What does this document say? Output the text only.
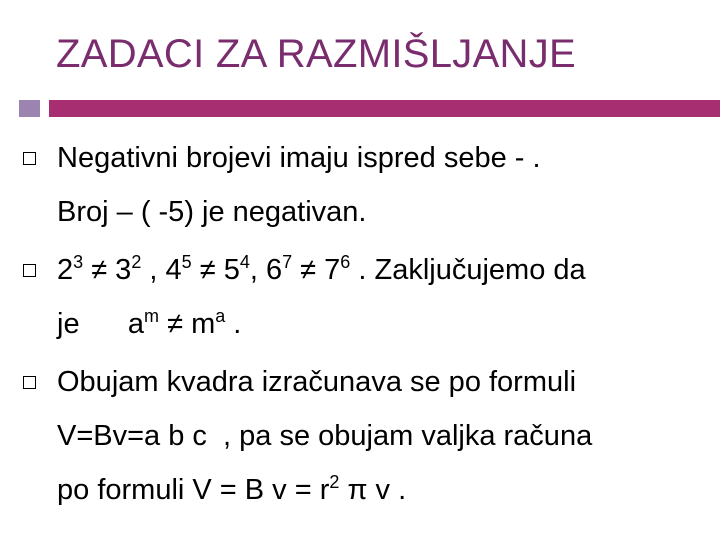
ZADACI ZA RAZMIŠLJANJE
Negativni brojevi imaju ispred sebe - .
Broj – ( -5) je negativan.
$2^3 \ne 3^2$ , $4^5 \ne 5^4$, $6^7 \ne 7^6$ . Zaključujemo da
je      $a^m \ne m^a$ .
Obujam kvadra izračunava se po formuli
V=Bv=a b c  , pa se obujam valjka računa
po formuli V = B $v = r^2$ π v .
